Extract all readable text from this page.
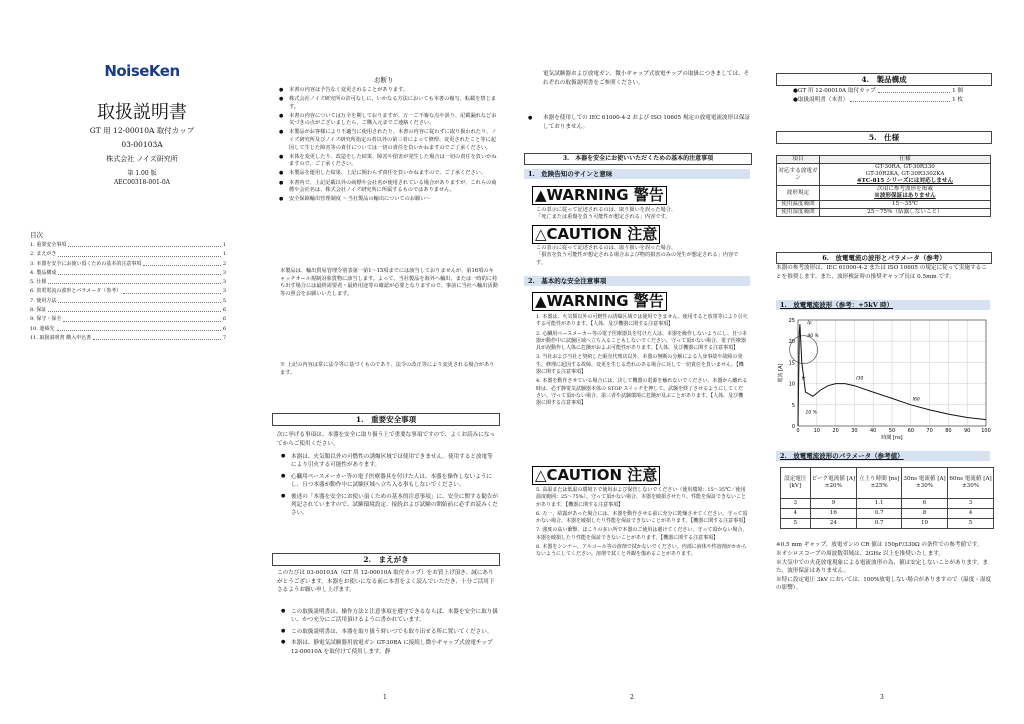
NoiseKen
取扱説明書
GT 用 12-00010A 取付カップ
03-00103A
株式会社 ノイズ研究所
第 1.00 版
AEC00318-001-0A
目次
1. 重要安全事項	1
2. まえがき	1
3. 本器を安全にお使い頂くための基本的注意事項	2
4. 製品構成	3
5. 仕様	3
6. 放電電流の波形とパラメータ（参考）	3
7. 使用方法	5
8. 保証	6
9. 保守・保全	6
10. 連絡先	6
11. 取扱説明書 購入申込書	7
お断り
● 本書の内容は予告なく変更されることがあります。
● 株式会社ノイズ研究所の許可なしに、いかなる方法においても本書の複写、転載を禁じます。
● 本書の内容については万全を期しておりますが、万一ご不審な点や誤り、記載漏れなどお気づきの点がございましたら、ご購入元までご連絡ください。
● 本製品がお客様により不適当に使用されたり、本書の内容に従わずに取り扱われたり、ノイズ研究所及びノイズ研究所指定の者以外の第三者によって修理、変更されたこと等に起因して生じた障害等の責任については一切の責任を負いかねますのでご了承ください。
● 本体を変更したり、改造をした結果、障害や損害が発生した場合は一切の責任を負いかねますので、ご了承ください。
● 本製品を運用した結果、上記に関わらず責任を負いかねますので、ご了承ください。
● 本書内で、上記記載以外の商標や会社名が使用されている場合がありますが、これらの商標や会社名は、株式会社ノイズ研究所に所属するものではありません。
● 安全保障輸出管理制度 ～当社製品の輸出についてのお願い～
本製品は、輸出貿易管理令別表第一第1～15項までには該当しておりませんが、第16項のキャッチオール規制対象貨物に該当します。よって、当社製品を海外へ輸出、または一時的に持ち出す場合には最終需要者・最終用途等の確認が必要となりますので、事前に当社へ輸出活動等の照会をお願いいたします。
※ 上記の内容は常に法令等に基づくものであり、法令の改正等により変更される場合があります。
1.　重要安全事項
次に挙げる事項は、本器を安全に取り扱う上で重要な事項ですので、よくお読みになってからご使用ください。
● 本器は、火気類以外の可燃性の誘爆区域では使用できません。使用すると放電等により引火する可能性があります。
● 心臓用ペースメーカー等の電子医療器具を付けた人は、本器を操作しないようにし、且つ本器が動作中に試験区域へ立ち入る事もしないでください。
● 後述の「本器を安全にお使い頂くための基本的注意事項」に、安全に関する勧告が列記されていますので、試験環境設定、接続および試験の開始前に必ずお読みください。
2.　まえがき
このたびは 03-00103A（GT 用 12-00010A 取付カップ）をお買上げ頂き、誠にありがとうございます。本器をお使いになる前に本書をよく読んでいただき、十分ご活用下さるようお願い申し上げます。
● この取扱説明書は、操作方法と注意事項を遵守できるならば、本器を安全に取り扱い、かつ充分にご活用頂けるように書かれています。
● この取扱説明書は、本器を取り扱う時いつでも取り出せる所に置いてください。
● 本器は、静電気試験器用放電ガン GT-30RA に接続し微小ギャップ式放電チップ 12-00010A を取付けて使用します。静
電気試験器および放電ガン、微小ギャップ式放電チップの取扱につきましては、それぞれの取扱説明書をご参照ください。
● 本器を使用しての IEC 61000-4-2 および ISO 10605 規定の放電電流波形は保証しておりません。
3.　本器を安全にお使いいただくための基本的注意事項
1.　危険告知のサインと意味
▲WARNING 警告
この表示に従って記述されるのは、取り扱いを誤った場合、
「死亡または重傷を負う可能性が想定される」内容です。
△CAUTION 注意
この表示に従って記述されるのは、取り扱いを誤った場合、
「損害を負う可能性が想定される場合および物的損害のみの発生が想定される」内容です。
2.　基本的な安全注意事項
▲WARNING 警告
1. 本器は、火気類以外の可燃性の誘爆区域では使用できません。使用すると放電等により引火する可能性があります。【人体、及び機器に関する注意事項】
2. 心臓用ペースメーカー等の電子医療器具を付けた人は、本器を操作しないようにし、且つ本器が動作中に試験区域へ立ち入ることもしないでください。守って頂かない場合、電子医療器具が誤動作し人体に危険がおよぶ可能性があります。【人体、及び機器に関する注意事項】
3. 当社および当社と契約した販売代理店以外、本器の無断の分解による人身事故や故障の発生、修理に起因する故障、変更を生じる恐れのある場合に対して一切責任を負いません。【機器に関する注意事項】
4. 本器を動作させている場合には、決して機器の電源を触れないでください。本器から離れる時は、必ず静電気試験器本体の STOP スイッチを押して、試験を終了させるようにしてください。守って頂かない場合、第三者や試験環境に危険が及ぶことがあります。【人体、及び機器に関する注意事項】
△CAUTION 注意
5. 高温または低温の環境下で使用および保管しないでください（使用環境：15～35℃／使用温度範囲：25～75%）。守って頂かない場合、本器を破損させたり、性能を保証できないことがあります。【機器に関する注意事項】
6. 万一、結露があった場合には、本器を動作させる前に充分に乾燥させてください。守って頂かない場合、本器を破損したり性能を保証できないことがあります。【機器に関する注意事項】
7. 強度の高い衝撃、ほこりの多い所で本器のご使用は避けてください。守って頂かない場合、本器を破損したり性能を保証できないことがあります。【機器に関する注意事項】
8. 本器をシンナー、アルコール等の溶剤で拭かないでください。内部に液体や性溶剤がかからないようにしてください。溶剤で拭くと外観を傷めることがあります。
4.　製品構成
●GT 用 12-00010A 取付カップ	1 個
●取扱説明書（本書）	1 枚
5.　仕様
項目	仕様
対応する放電ガン	GT-30RA, GT-30R330
GT-30R2KA, GT-30R3302KA
※TC-815 シリーズには対応しません

波形規定	次項に参考波形を掲載
※波形保証はありません

使用温度範囲	15～35℃
使用湿度範囲	25～75%（結露しないこと）
6.　放電電流の波形とパラメータ（参考）
本器の参考波形は、IEC 61000-4-2 または ISO 10605 の規定に従って実施することを推奨します。また、波形検証時の推奨ギャップ長は 0.5mm です。
1.　放電電流波形（参考：+5kV 時）
0	10 20 30 40 50 60 70 80 90 100
0
5
10
15
20
25
時間 [ns]
電流 [A]
Ip
90 %
tr	I30
I60
10 %
2.　放電電流波形のパラメータ（参考値）
設定電圧 [kV]	ピーク電流値 [A]±20%	立上り時間 [ns]±25%	30ns 電流値 [A]±30%	60ns 電流値 [A]±30%
3	9	1.1	6	3
4	16	0.7	8	4
5	24	0.7	10	5
※0.5 mm ギャップ、放電ガンの CR 値は 150pF/330Ω の条件での参考値です。
※オシロスコープの周波数帯域は、2GHz 以上を推奨いたします。
※大気中での火花放電現象による電流波形の為、値は安定しないことがあります。また、波形保証はありません。
※特に設定電圧 3kV においては、100%放電しない場合がありますので（温度・湿度の影響）。
1	2	3
